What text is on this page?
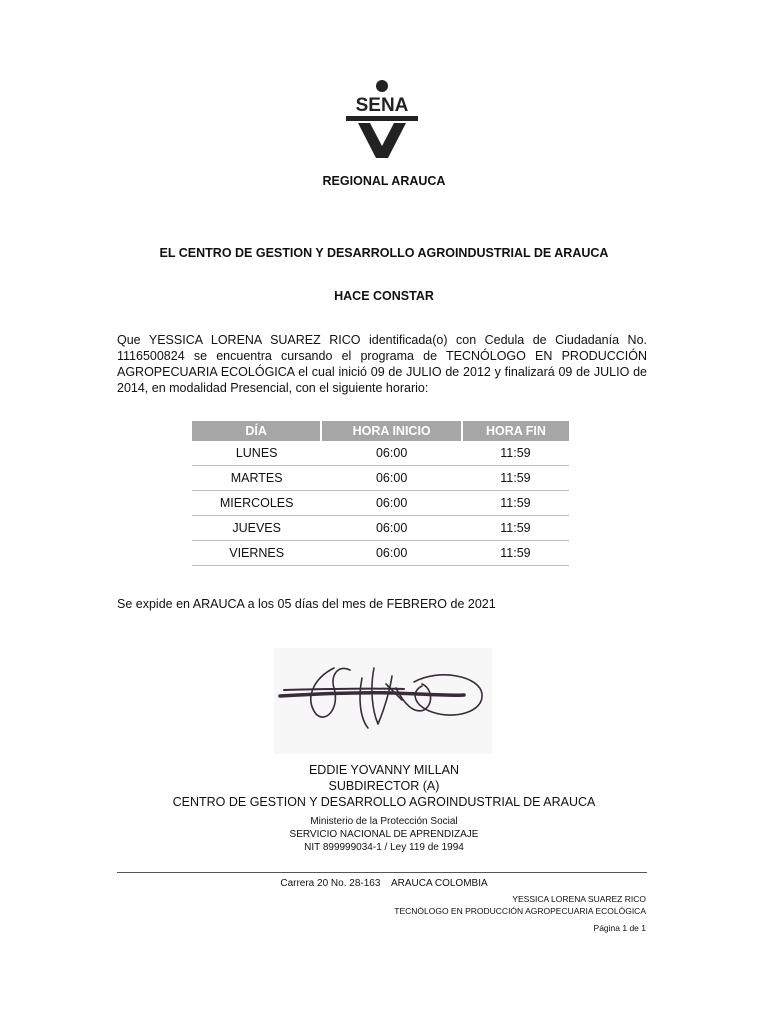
SENA
REGIONAL ARAUCA
EL CENTRO DE GESTION Y DESARROLLO AGROINDUSTRIAL DE ARAUCA
HACE CONSTAR

Que YESSICA LORENA SUAREZ RICO identificada(o) con Cedula de Ciudadanía No. 1116500824 se encuentra cursando el programa de TECNÓLOGO EN PRODUCCIÓN AGROPECUARIA ECOLÓGICA el cual inició 09 de JULIO de 2012 y finalizará 09 de JULIO de 2014, en modalidad Presencial, con el siguiente horario:

DÍA	HORA INICIO	HORA FIN
LUNES	06:00	11:59
MARTES	06:00	11:59
MIERCOLES	06:00	11:59
JUEVES	06:00	11:59
VIERNES	06:00	11:59

Se expide en ARAUCA a los 05 días del mes de FEBRERO de 2021

EDDIE YOVANNY MILLAN
SUBDIRECTOR (A)
CENTRO DE GESTION Y DESARROLLO AGROINDUSTRIAL DE ARAUCA
Ministerio de la Protección Social
SERVICIO NACIONAL DE APRENDIZAJE
NIT 899999034-1 / Ley 119 de 1994
Carrera 20 No. 28-163    ARAUCA COLOMBIA
YESSICA LORENA SUAREZ RICO
TECNÓLOGO EN PRODUCCIÓN AGROPECUARIA ECOLÓGICA
Página 1 de 1
